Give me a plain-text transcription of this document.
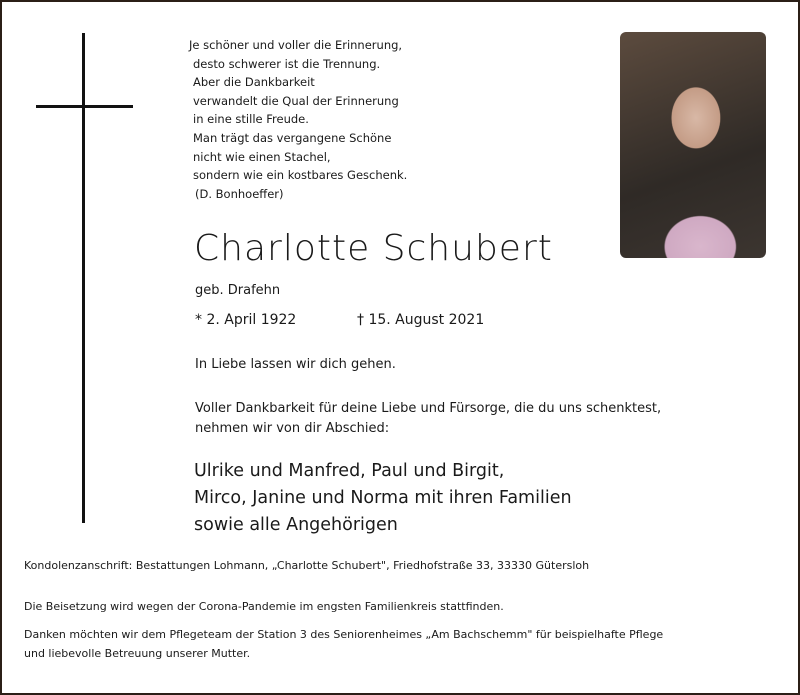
Je schöner und voller die Erinnerung,
desto schwerer ist die Trennung.
Aber die Dankbarkeit
verwandelt die Qual der Erinnerung
in eine stille Freude.
Man trägt das vergangene Schöne
nicht wie einen Stachel,
sondern wie ein kostbares Geschenk.
(D. Bonhoeffer)
Charlotte Schubert
geb. Drafehn
* 2. April 1922	† 15. August 2021
In Liebe lassen wir dich gehen.
Voller Dankbarkeit für deine Liebe und Fürsorge, die du uns schenktest,
nehmen wir von dir Abschied:
Ulrike und Manfred, Paul und Birgit,
Mirco, Janine und Norma mit ihren Familien
sowie alle Angehörigen
Kondolenzanschrift: Bestattungen Lohmann, „Charlotte Schubert", Friedhofstraße 33, 33330 Gütersloh
Die Beisetzung wird wegen der Corona-Pandemie im engsten Familienkreis stattfinden.
Danken möchten wir dem Pflegeteam der Station 3 des Seniorenheimes „Am Bachschemm" für beispielhafte Pflege
und liebevolle Betreuung unserer Mutter.
